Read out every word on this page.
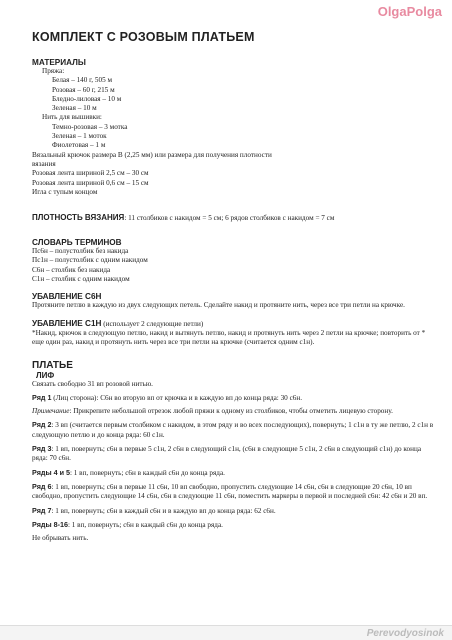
OlgaPolga

КОМПЛЕКТ С РОЗОВЫМ ПЛАТЬЕМ

МАТЕРИАЛЫ

Пряжа:

Белая – 140 г, 505 м

Розовая – 60 г, 215 м

Бледно-лиловая – 10 м

Зеленая – 10 м

Нить для вышивки:

Темно-розовая – 3 мотка

Зеленая – 1 моток

Фиолетовая – 1 м

Вязальный крючок размера B (2,25 мм) или размера для получения плотности

вязания

Розовая лента шириной 2,5 см – 30 см

Розовая лента шириной 0,6 см – 15 см

Игла с тупым концом

ПЛОТНОСТЬ ВЯЗАНИЯ: 11 столбиков с накидом = 5 см; 6 рядов столбиков с накидом = 7 см

СЛОВАРЬ ТЕРМИНОВ

Пс6н – полустолбик без накида

Пс1н – полустолбик с одним накидом

С6н – столбик без накида

С1н – столбик с одним накидом

УБАВЛЕНИЕ С6Н

Протяните петлю в каждую из двух следующих петель. Сделайте накид и протяните нить, через все три петли на крючке.

УБАВЛЕНИЕ С1Н (использует 2 следующие петли)

*Накид, крючок в следующую петлю, накид и вытянуть петлю, накид и протянуть нить через 2 петли на крючке; повторить от * еще один раз, накид и протянуть нить через все три петли на крючке (считается одним с1н).

ПЛАТЬЕ

ЛИФ

Связать свободно 31 вп розовой нитью.

Ряд 1 (Лиц сторона): С6н во вторую вп от крючка и в каждую вп до конца ряда: 30 с6н.

Примечание: Прикрепите небольшой отрезок любой пряжи к одному из столбиков, чтобы отметить лицевую сторону.

Ряд 2: 3 вп (считается первым столбиком с накидом, в этом ряду и во всех последующих), повернуть; 1 с1н в ту же петлю, 2 с1н в следующую петлю и до конца ряда: 60 с1н.

Ряд 3: 1 вп, повернуть; с6н в первые 5 с1н, 2 с6н в следующий с1н, (с6н в следующие 5 с1н, 2 с6н в следующий с1н) до конца ряда: 70 с6н.

Ряды 4 и 5: 1 вп, повернуть; с6н в каждый с6н до конца ряда.

Ряд 6: 1 вп, повернуть; с6н в первые 11 с6н, 10 вп свободно, пропустить следующие 14 с6н, с6н в следующие 20 с6н, 10 вп свободно, пропустить следующие 14 с6н, с6н в следующие 11 с6н, поместить маркеры в первой и последней с6н: 42 с6н и 20 вп.

Ряд 7: 1 вп, повернуть; с6н в каждый с6н и в каждую вп до конца ряда: 62 с6н.

Ряды 8-16: 1 вп, повернуть; с6н в каждый с6н до конца ряда.

Не обрывать нить.

Perevodyosinok
